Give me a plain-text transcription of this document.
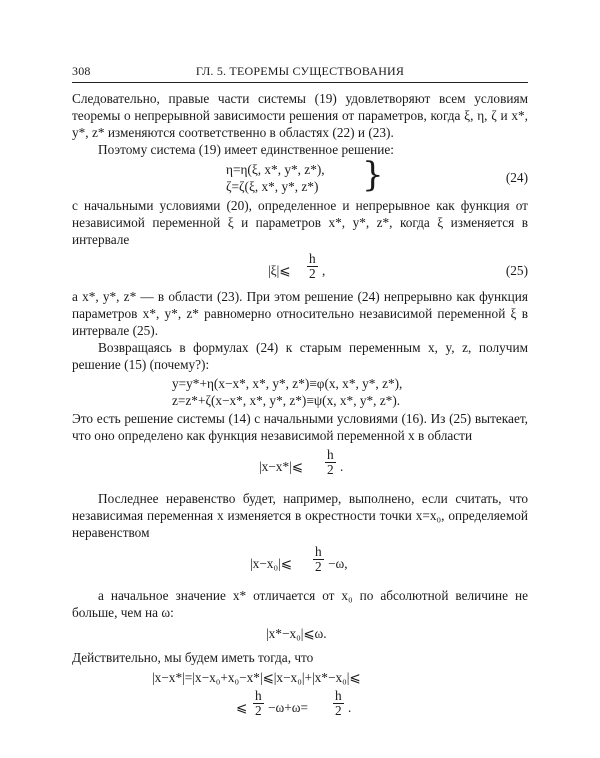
308	ГЛ. 5. ТЕОРЕМЫ СУЩЕСТВОВАНИЯ

Следовательно, правые части системы (19) удовлетворяют всем условиям теоремы о непрерывной зависимости решения от параметров, когда ξ, η, ζ и x*, y*, z* изменяются соответственно в областях (22) и (23).

Поэтому система (19) имеет единственное решение:

η=η(ξ, x*, y*, z*),
ζ=ζ(ξ, x*, y*, z*) }	(24)

с начальными условиями (20), определенное и непрерывное как функция от независимой переменной ξ и параметров x*, y*, z*, когда ξ изменяется в интервале

|ξ|⩽ $\frac{h}{2}$ ,	(25)

а x*, y*, z* — в области (23). При этом решение (24) непрерывно как функция параметров x*, y*, z* равномерно относительно независимой переменной ξ в интервале (25).

Возвращаясь в формулах (24) к старым переменным x, y, z, получим решение (15) (почему?):

y=y*+η(x−x*, x*, y*, z*)≡φ(x, x*, y*, z*),
z=z*+ζ(x−x*, x*, y*, z*)≡ψ(x, x*, y*, z*).

Это есть решение системы (14) с начальными условиями (16). Из (25) вытекает, что оно определено как функция независимой переменной x в области

|x−x*|⩽ $\frac{h}{2}$ .

Последнее неравенство будет, например, выполнено, если считать, что независимая переменная x изменяется в окрестности точки x=x₀, определяемой неравенством

|x−x₀|⩽ $\frac{h}{2} -\omega$,

а начальное значение x* отличается от x₀ по абсолютной величине не больше, чем на ω:

|x*−x₀|⩽ω.

Действительно, мы будем иметь тогда, что

|x−x*|=|x−x₀+x₀−x*|⩽|x−x₀|+|x*−x₀|⩽
⩽ $\frac{h}{2} -\omega+\omega= \frac{h}{2}$ .
